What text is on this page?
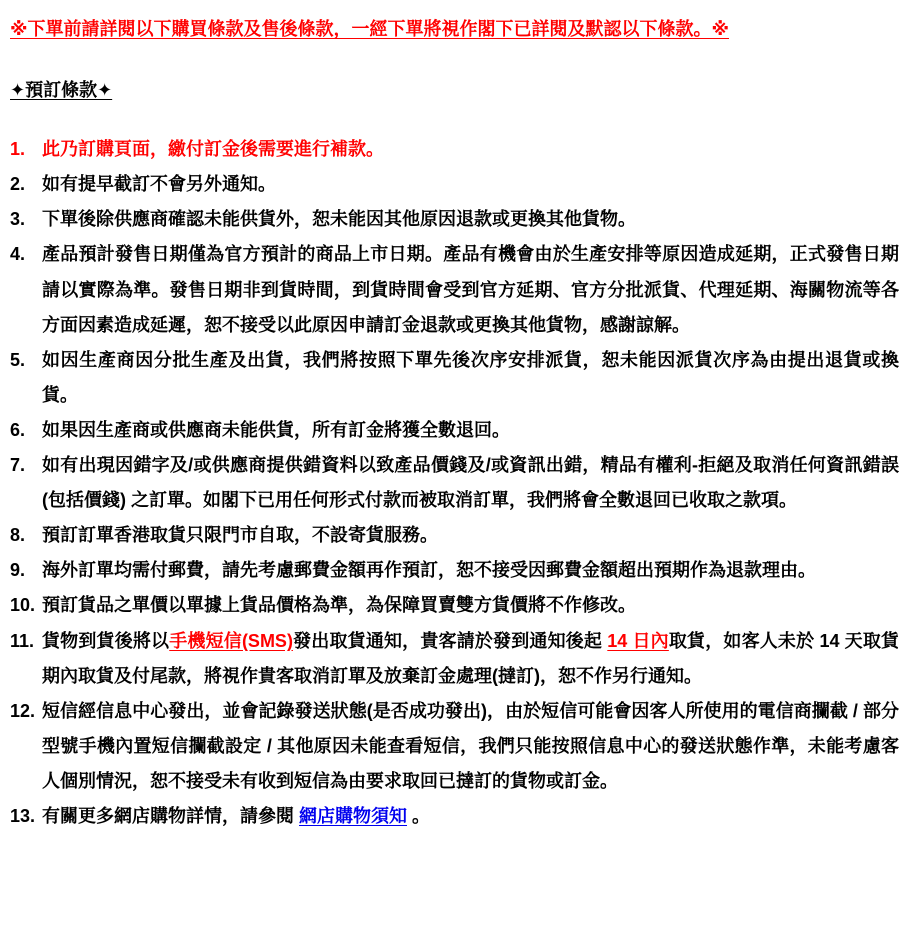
※下單前請詳閱以下購買條款及售後條款，一經下單將視作閣下已詳閱及默認以下條款。※

✦預訂條款✦

1. 此乃訂購頁面，繳付訂金後需要進行補款。
2. 如有提早截訂不會另外通知。
3. 下單後除供應商確認未能供貨外，恕未能因其他原因退款或更換其他貨物。
4. 產品預計發售日期僅為官方預計的商品上市日期。產品有機會由於生產安排等原因造成延期，正式發售日期請以實際為準。發售日期非到貨時間，到貨時間會受到官方延期、官方分批派貨、代理延期、海關物流等各方面因素造成延遲，恕不接受以此原因申請訂金退款或更換其他貨物，感謝諒解。
5. 如因生產商因分批生產及出貨，我們將按照下單先後次序安排派貨，恕未能因派貨次序為由提出退貨或換貨。
6. 如果因生產商或供應商未能供貨，所有訂金將獲全數退回。
7. 如有出現因錯字及/或供應商提供錯資料以致產品價錢及/或資訊出錯，精品有權利-拒絕及取消任何資訊錯誤(包括價錢) 之訂單。如閣下已用任何形式付款而被取消訂單，我們將會全數退回已收取之款項。
8. 預訂訂單香港取貨只限門市自取，不設寄貨服務。
9. 海外訂單均需付郵費，請先考慮郵費金額再作預訂，恕不接受因郵費金額超出預期作為退款理由。
10. 預訂貨品之單價以單據上貨品價格為準，為保障買賣雙方貨價將不作修改。
11. 貨物到貨後將以手機短信(SMS)發出取貨通知，貴客請於發到通知後起 14 日內取貨，如客人未於 14 天取貨期內取貨及付尾款，將視作貴客取消訂單及放棄訂金處理(撻訂)，恕不作另行通知。
12. 短信經信息中心發出，並會記錄發送狀態(是否成功發出)，由於短信可能會因客人所使用的電信商攔截 / 部分型號手機內置短信攔截設定 / 其他原因未能查看短信，我們只能按照信息中心的發送狀態作準，未能考慮客人個別情況，恕不接受未有收到短信為由要求取回已撻訂的貨物或訂金。
13. 有關更多網店購物詳情，請參閱 網店購物須知 。
